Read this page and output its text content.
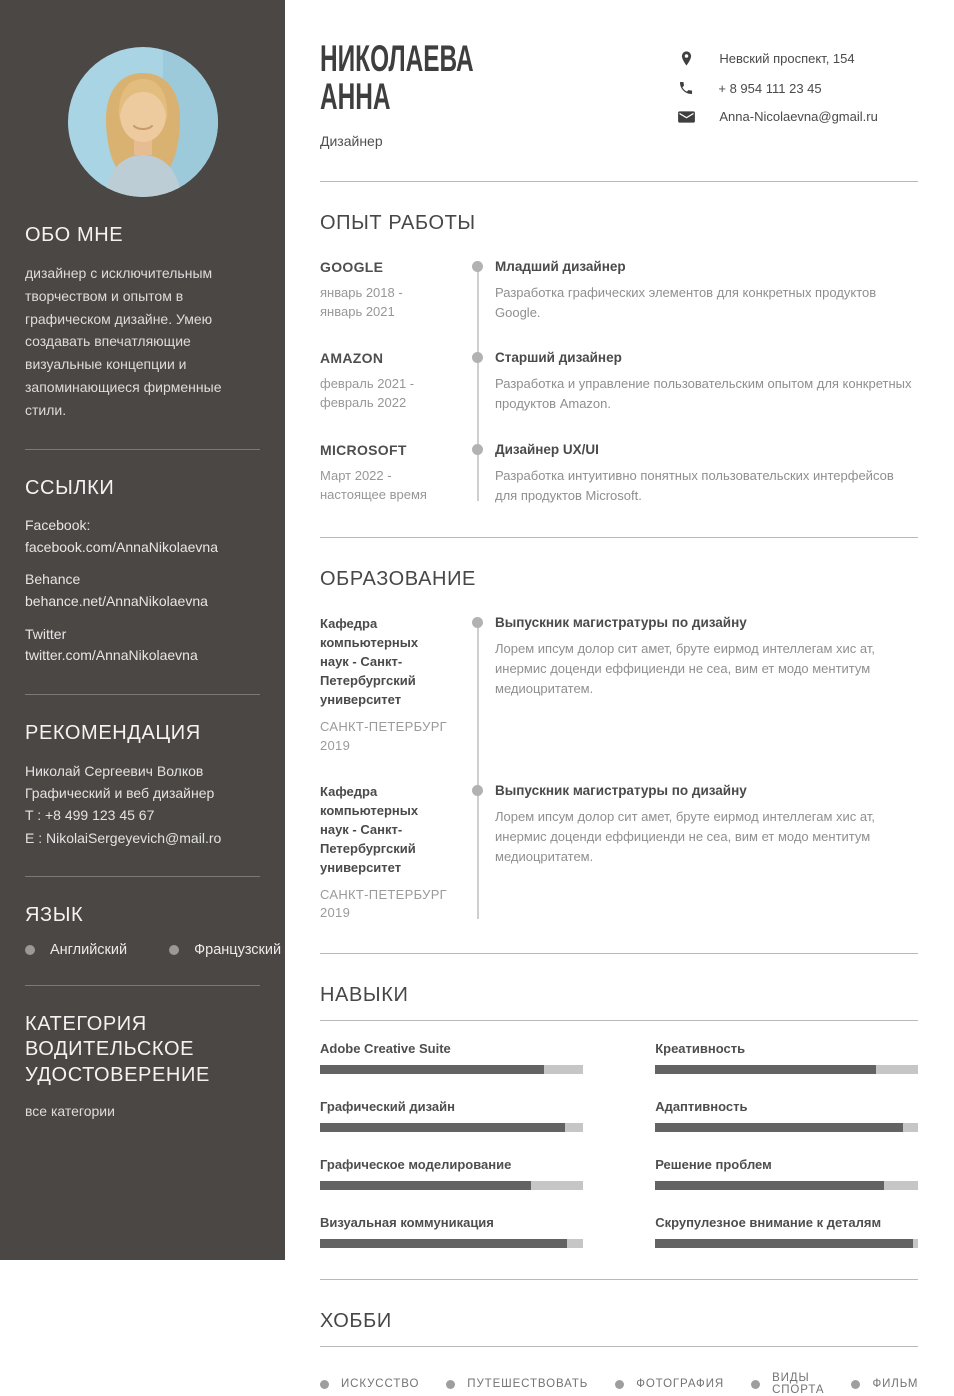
ОБО МНЕ

дизайнер с исключительным творчеством и опытом в графическом дизайне. Умею создавать впечатляющие визуальные концепции и запоминающиеся фирменные стили.

ССЫЛКИ
Facebook:
facebook.com/AnnaNikolaevna
Behance
behance.net/AnnaNikolaevna
Twitter
twitter.com/AnnaNikolaevna
РЕКОМЕНДАЦИЯ
Николай Сергеевич Волков
Графический и веб дизайнер
T : +8 499 123 45 67
E : NikolaiSergeyevich@mail.ro
ЯЗЫК
Английский	Французский
КАТЕГОРИЯ ВОДИТЕЛЬСКОЕ УДОСТОВЕРЕНИЕ
все категории
НИКОЛАЕВА
АННА
Дизайнер
Невский проспект, 154
+ 8 954 111 23 45
Anna-Nicolaevna@gmail.ru
ОПЫТ РАБОТЫ
GOOGLE
январь 2018 - январь 2021
Младший дизайнер
Разработка графических элементов для конкретных продуктов Google.
AMAZON
февраль 2021 - февраль 2022
Старший дизайнер
Разработка и управление пользовательским опытом для конкретных продуктов Amazon.
MICROSOFT
Март 2022 - настоящее время
Дизайнер UX/UI
Разработка интуитивно понятных пользовательских интерфейсов для продуктов Microsoft.
ОБРАЗОВАНИЕ
Кафедра компьютерных наук - Санкт-Петербургский университет
САНКТ-ПЕТЕРБУРГ 2019
Выпускник магистратуры по дизайну
Лорем ипсум долор сит амет, бруте еирмод интеллегам хис ат, инермис доценди еффициенди не сеа, вим ет модо ментитум медиоцритатем.
Кафедра компьютерных наук - Санкт-Петербургский университет
САНКТ-ПЕТЕРБУРГ 2019
Выпускник магистратуры по дизайну
Лорем ипсум долор сит амет, бруте еирмод интеллегам хис ат, инермис доценди еффициенди не сеа, вим ет модо ментитум медиоцритатем.
НАВЫКИ
Adobe Creative Suite	Креативность
Графический дизайн	Адаптивность
Графическое моделирование	Решение проблем
Визуальная коммуникация	Скрупулезное внимание к деталям
ХОББИ
ИСКУССТВО	ПУТЕШЕСТВОВАТЬ	ФОТОГРАФИЯ	ВИДЫ СПОРТА	ФИЛЬМ
